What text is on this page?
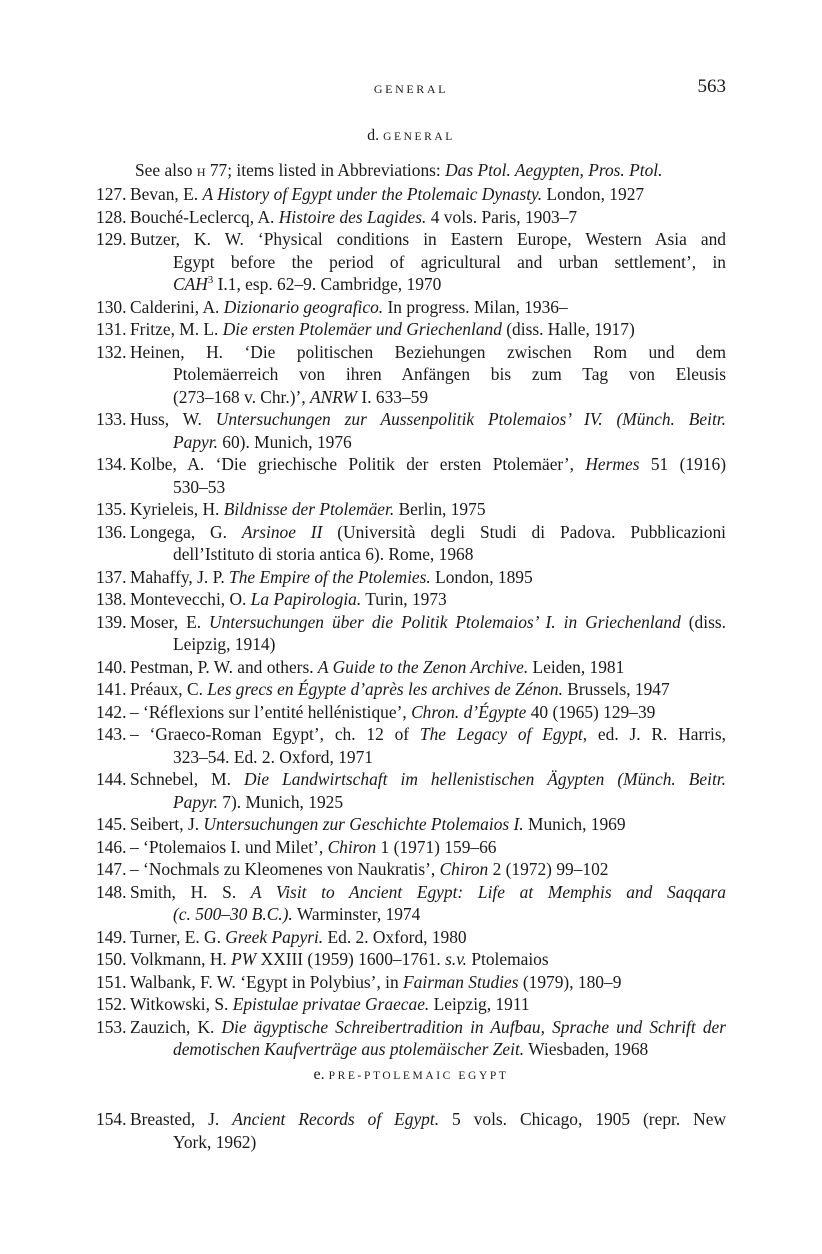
GENERAL	563
d. GENERAL
See also H 77; items listed in Abbreviations: Das Ptol. Aegypten, Pros. Ptol.
127. Bevan, E. A History of Egypt under the Ptolemaic Dynasty. London, 1927
128. Bouché-Leclercq, A. Histoire des Lagides. 4 vols. Paris, 1903–7
129. Butzer, K. W. ‘Physical conditions in Eastern Europe, Western Asia and
Egypt before the period of agricultural and urban settlement’, in
CAH$^3$ I.1, esp. 62–9. Cambridge, 1970
130. Calderini, A. Dizionario geografico. In progress. Milan, 1936–
131. Fritze, M. L. Die ersten Ptolemäer und Griechenland (diss. Halle, 1917)
132. Heinen, H. ‘Die politischen Beziehungen zwischen Rom und dem
Ptolemäerreich von ihren Anfängen bis zum Tag von Eleusis
(273–168 v. Chr.)’, ANRW I. 633–59
133. Huss, W. Untersuchungen zur Aussenpolitik Ptolemaios’ IV. (Münch. Beitr.
Papyr. 60). Munich, 1976
134. Kolbe, A. ‘Die griechische Politik der ersten Ptolemäer’, Hermes 51 (1916)
530–53
135. Kyrieleis, H. Bildnisse der Ptolemäer. Berlin, 1975
136. Longega, G. Arsinoe II (Università degli Studi di Padova. Pubblicazioni
dell’Istituto di storia antica 6). Rome, 1968
137. Mahaffy, J. P. The Empire of the Ptolemies. London, 1895
138. Montevecchi, O. La Papirologia. Turin, 1973
139. Moser, E. Untersuchungen über die Politik Ptolemaios’ I. in Griechenland (diss.
Leipzig, 1914)
140. Pestman, P. W. and others. A Guide to the Zenon Archive. Leiden, 1981
141. Préaux, C. Les grecs en Égypte d’après les archives de Zénon. Brussels, 1947
142. – ‘Réflexions sur l’entité hellénistique’, Chron. d’Égypte 40 (1965) 129–39
143. – ‘Graeco-Roman Egypt’, ch. 12 of The Legacy of Egypt, ed. J. R. Harris,
323–54. Ed. 2. Oxford, 1971
144. Schnebel, M. Die Landwirtschaft im hellenistischen Ägypten (Münch. Beitr.
Papyr. 7). Munich, 1925
145. Seibert, J. Untersuchungen zur Geschichte Ptolemaios I. Munich, 1969
146. – ‘Ptolemaios I. und Milet’, Chiron 1 (1971) 159–66
147. – ‘Nochmals zu Kleomenes von Naukratis’, Chiron 2 (1972) 99–102
148. Smith, H. S. A Visit to Ancient Egypt: Life at Memphis and Saqqara
(c. 500–30 B.C.). Warminster, 1974
149. Turner, E. G. Greek Papyri. Ed. 2. Oxford, 1980
150. Volkmann, H. PW XXIII (1959) 1600–1761. s.v. Ptolemaios
151. Walbank, F. W. ‘Egypt in Polybius’, in Fairman Studies (1979), 180–9
152. Witkowski, S. Epistulae privatae Graecae. Leipzig, 1911
153. Zauzich, K. Die ägyptische Schreibertradition in Aufbau, Sprache und Schrift der
demotischen Kaufverträge aus ptolemäischer Zeit. Wiesbaden, 1968
e. PRE-PTOLEMAIC EGYPT
154. Breasted, J. Ancient Records of Egypt. 5 vols. Chicago, 1905 (repr. New
York, 1962)
